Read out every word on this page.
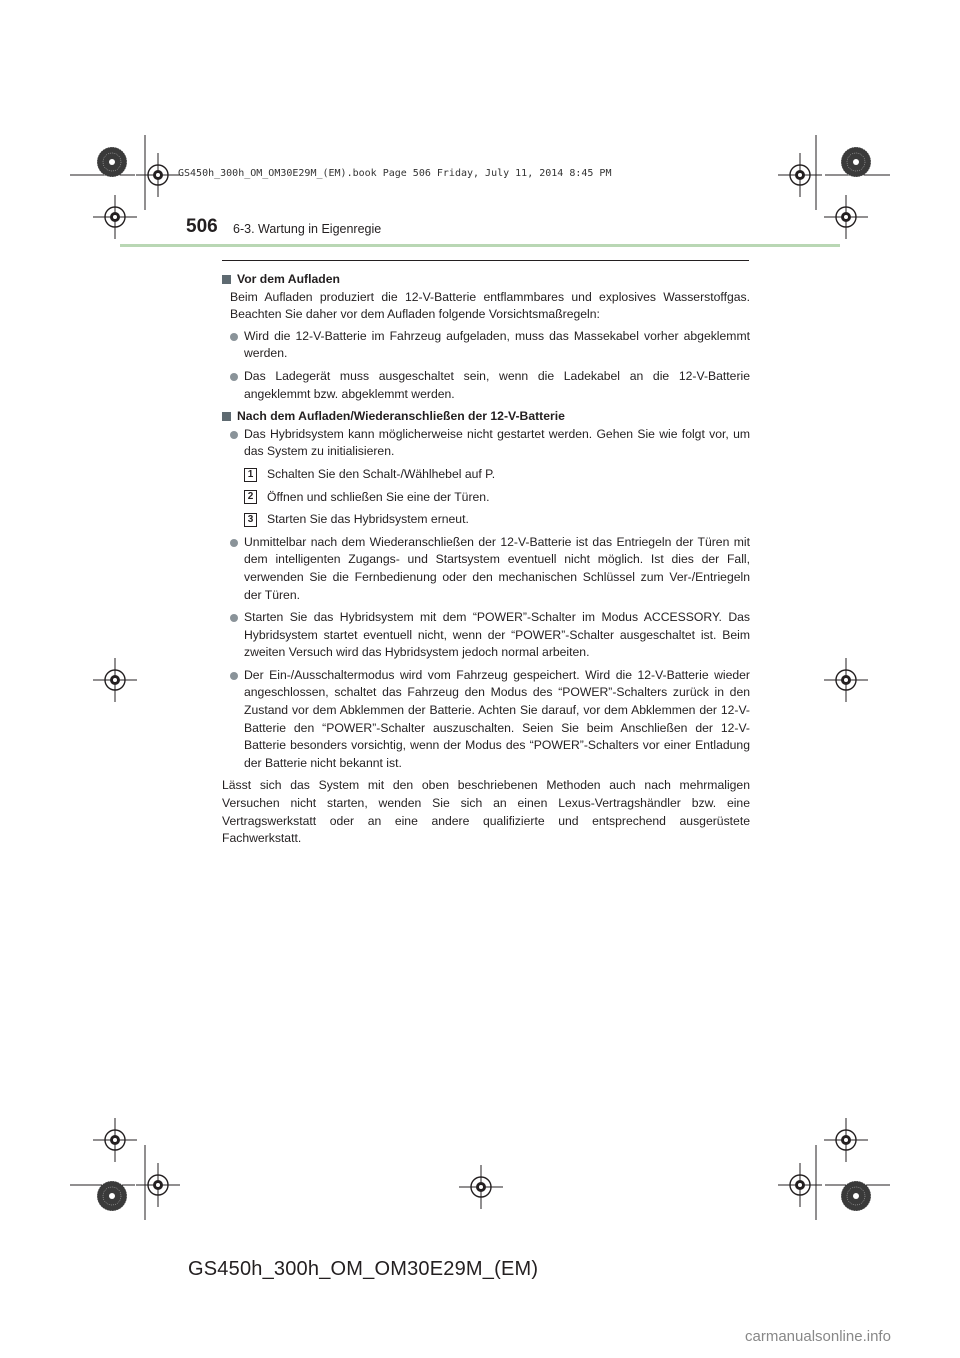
GS450h_300h_OM_OM30E29M_(EM).book Page 506 Friday, July 11, 2014 8:45 PM
506 6-3. Wartung in Eigenregie

Vor dem Aufladen

Beim Aufladen produziert die 12-V-Batterie entflammbares und explosives Wasserstoffgas. Beachten Sie daher vor dem Aufladen folgende Vorsichtsmaßregeln:

Wird die 12-V-Batterie im Fahrzeug aufgeladen, muss das Massekabel vorher abgeklemmt werden.

Das Ladegerät muss ausgeschaltet sein, wenn die Ladekabel an die 12-V-Batterie angeklemmt bzw. abgeklemmt werden.

Nach dem Aufladen/Wiederanschließen der 12-V-Batterie

Das Hybridsystem kann möglicherweise nicht gestartet werden. Gehen Sie wie folgt vor, um das System zu initialisieren.

1	Schalten Sie den Schalt-/Wählhebel auf P.

2	Öffnen und schließen Sie eine der Türen.

3	Starten Sie das Hybridsystem erneut.

Unmittelbar nach dem Wiederanschließen der 12-V-Batterie ist das Entriegeln der Türen mit dem intelligenten Zugangs- und Startsystem eventuell nicht möglich. Ist dies der Fall, verwenden Sie die Fernbedienung oder den mechanischen Schlüssel zum Ver-/Entriegeln der Türen.

Starten Sie das Hybridsystem mit dem “POWER”-Schalter im Modus ACCESSORY. Das Hybridsystem startet eventuell nicht, wenn der “POWER”-Schalter ausgeschaltet ist. Beim zweiten Versuch wird das Hybridsystem jedoch normal arbeiten.

Der Ein-/Ausschaltermodus wird vom Fahrzeug gespeichert. Wird die 12-V-Batterie wieder angeschlossen, schaltet das Fahrzeug den Modus des “POWER”-Schalters zurück in den Zustand vor dem Abklemmen der Batterie. Achten Sie darauf, vor dem Abklemmen der 12-V-Batterie den “POWER”-Schalter auszuschalten. Seien Sie beim Anschließen der 12-V-Batterie besonders vorsichtig, wenn der Modus des “POWER”-Schalters vor einer Entladung der Batterie nicht bekannt ist.

Lässt sich das System mit den oben beschriebenen Methoden auch nach mehrmaligen Versuchen nicht starten, wenden Sie sich an einen Lexus-Vertragshändler bzw. eine Vertragswerkstatt oder an eine andere qualifizierte und entsprechend ausgerüstete Fachwerkstatt.

GS450h_300h_OM_OM30E29M_(EM)
carmanualsonline.info
